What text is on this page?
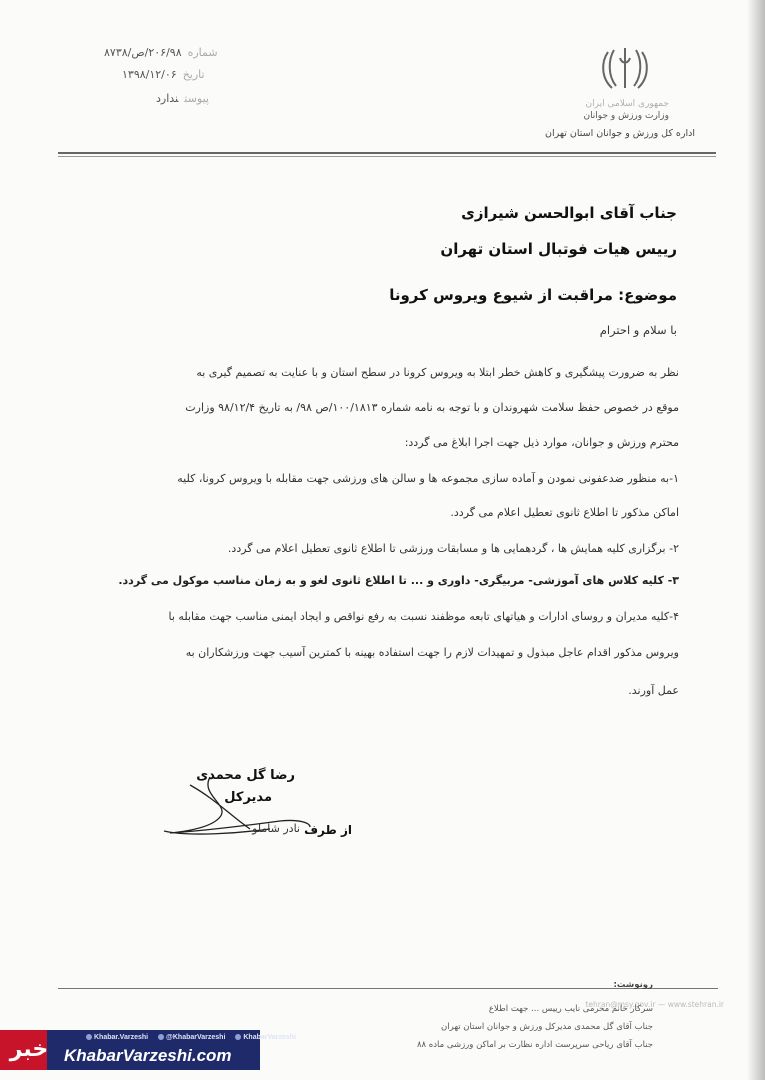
جمهوری اسلامی ایران
وزارت ورزش و جوانان
اداره کل ورزش و جوانان استان تهران
شماره۲۰۶/۹۸/ص/۸۷۳۸
تاریخ۱۳۹۸/۱۲/۰۶
پیوستندارد
جناب آقای ابوالحسن شیرازی
رییس هیات فوتبال استان تهران
موضوع: مراقبت از شیوع ویروس کرونا
با سلام و احترام
نظر به ضرورت پیشگیری و کاهش خطر ابتلا به ویروس کرونا در سطح استان و با عنایت به تصمیم گیری به
موقع در خصوص حفظ سلامت شهروندان و با توجه به نامه شماره ۱۰۰/۱۸۱۳/ص ۹۸/ به تاریخ ۹۸/۱۲/۴ وزارت
محترم ورزش و جوانان، موارد ذیل جهت اجرا ابلاغ می گردد:
۱-به منظور ضدعفونی نمودن و آماده سازی مجموعه ها و سالن های ورزشی جهت مقابله با ویروس کرونا، کلیه
اماکن مذکور تا اطلاع ثانوی تعطیل اعلام می گردد.
۲- برگزاری کلیه همایش ها ، گردهمایی ها و مسابقات ورزشی تا اطلاع ثانوی تعطیل اعلام می گردد.
۳- کلیه کلاس های آموزشی- مربیگری- داوری و ... تا اطلاع ثانوی لغو و به زمان مناسب موکول می گردد.
۴-کلیه مدیران و روسای ادارات و هیاتهای تابعه موظفند نسبت به رفع نواقص و ایجاد ایمنی مناسب جهت مقابله با
ویروس مذکور اقدام عاجل مبذول و تمهیدات لازم را جهت استفاده بهینه با کمترین آسیب جهت ورزشکاران به
عمل آورند.
رضا گل محمدی
مدیرکل
از طرف
نادر شاملو
tehran@msy.gov.ir — www.stehran.ir
رونوشت:
سرکار خانم محرمی نایب رییس ... جهت اطلاع
جناب آقای گل محمدی مدیرکل ورزش و جوانان استان تهران
جناب آقای ریاحی سرپرست اداره نظارت بر اماکن ورزشی ماده ۸۸
خبر	Khabar.Varzeshi	@KhabarVarzeshi	KhabarVarzeshi
KhabarVarzeshi.com
